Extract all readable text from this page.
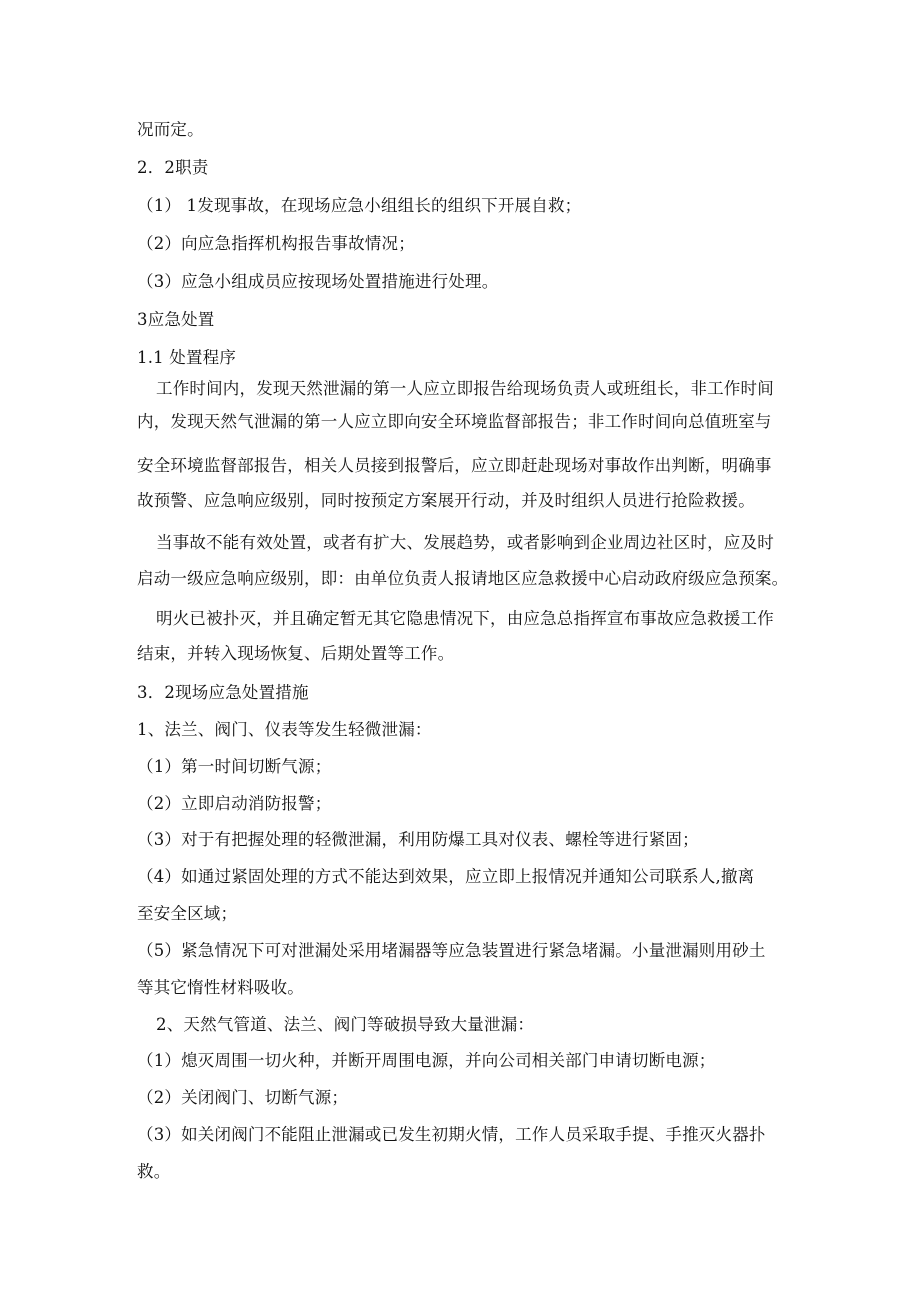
况而定。
2．2职责
（1） 1发现事故，在现场应急小组组长的组织下开展自救；
（2）向应急指挥机构报告事故情况；
（3）应急小组成员应按现场处置措施进行处理。
3应急处置
1.1 处置程序
工作时间内，发现天然泄漏的第一人应立即报告给现场负责人或班组长，非工作时间
内，发现天然气泄漏的第一人应立即向安全环境监督部报告；非工作时间向总值班室与
安全环境监督部报告，相关人员接到报警后，应立即赶赴现场对事故作出判断，明确事
故预警、应急响应级别，同时按预定方案展开行动，并及时组织人员进行抢险救援。
当事故不能有效处置，或者有扩大、发展趋势，或者影响到企业周边社区时，应及时
启动一级应急响应级别，即：由单位负责人报请地区应急救援中心启动政府级应急预案。
明火已被扑灭，并且确定暂无其它隐患情况下，由应急总指挥宣布事故应急救援工作
结束，并转入现场恢复、后期处置等工作。
3．2现场应急处置措施
1、法兰、阀门、仪表等发生轻微泄漏：
（1）第一时间切断气源；
（2）立即启动消防报警；
（3）对于有把握处理的轻微泄漏，利用防爆工具对仪表、螺栓等进行紧固；
（4）如通过紧固处理的方式不能达到效果，应立即上报情况并通知公司联系人,撤离
至安全区域；
（5）紧急情况下可对泄漏处采用堵漏器等应急装置进行紧急堵漏。小量泄漏则用砂土
等其它惰性材料吸收。
2、天然气管道、法兰、阀门等破损导致大量泄漏：
（1）熄灭周围一切火种，并断开周围电源，并向公司相关部门申请切断电源；
（2）关闭阀门、切断气源；
（3）如关闭阀门不能阻止泄漏或已发生初期火情，工作人员采取手提、手推灭火器扑
救。
